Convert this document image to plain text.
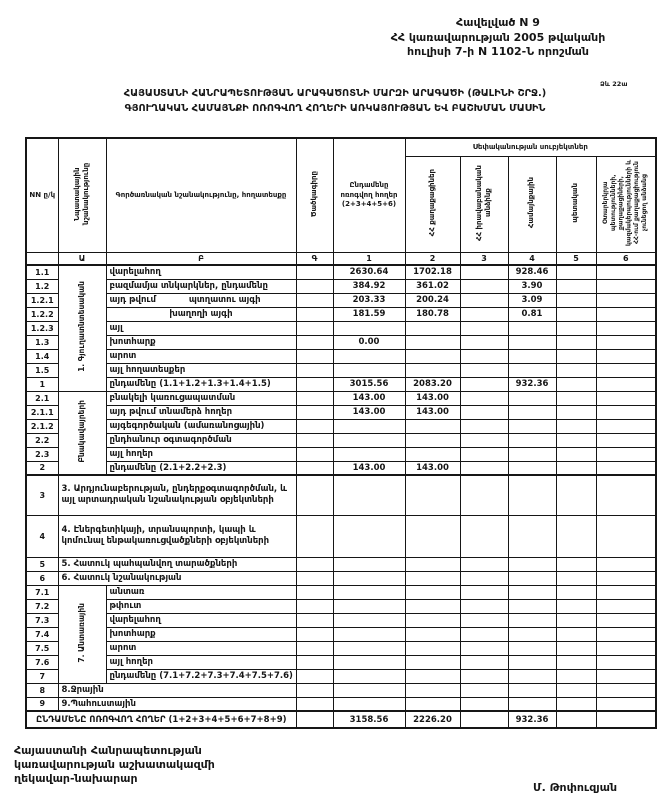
Հավելված N 9
ՀՀ կառավարության 2005 թվականի
հուլիսի 7-ի N 1102-Ն որոշման
Ձև 22ա
ՀԱՅԱՍՏԱՆԻ ՀԱՆՐԱՊԵՏՈՒԹՅԱՆ ԱՐԱԳԱԾՈՏՆԻ ՄԱՐԶԻ ԱՐԱԳԱԾԻ (ԹԱԼԻՆԻ ՇՐՋ.)
ԳՅՈՒՂԱԿԱՆ ՀԱՄԱՅՆՔԻ ՈՌՈԳՎՈՂ ՀՈՂԵՐԻ ԱՌԿԱՅՈՒԹՅԱՆ ԵՎ ԲԱՇԽՄԱՆ ՄԱՍԻՆ
NN ը/կ	Նպատակային նշանակությունը	Գործառնական նշանակությունը, հողատեսքը	Ծածկագիրը	Ընդամենը ոռոգվող հողեր (2+3+4+5+6)	Սեփականության սուբյեկտներ				
					ՀՀ քաղաքացիներ	ՀՀ իրավաբանական անձինք	Համայնքային	պետական	Օտարերկրյա պետությունների, քաղաքացիների, կազմակերպությունների և ՀՀ-ում քաղաքացիություն չունեցող անձանց
	Ա	Բ	Գ	1	2	3	4	5	6
1.1	1. Գյուղատնտեսական	վարելահող		2630.64	1702.18		928.46		
1.2		բազմամյա տնկարկներ, ընդամենը		384.92	361.02		3.90		
1.2.1		այդ թվում պտղատու այգի		203.33	200.24		3.09		
1.2.2		խաղողի այգի		181.59	180.78		0.81		
1.2.3		այլ							
1.3		խոտհարք		0.00					
1.4		արոտ							
1.5		այլ հողատեսքեր							
1		ընդամենը (1.1+1.2+1.3+1.4+1.5)		3015.56	2083.20		932.36		
2.1	Բնակավայրերի	բնակելի կառուցապատման		143.00	143.00				
2.1.1		այդ թվում տնամերձ հողեր		143.00	143.00				
2.1.2		այգեգործական (ամառանոցային)							
2.2		ընդհանուր օգտագործման							
2.3		այլ հողեր							
2		ընդամենը (2.1+2.2+2.3)		143.00	143.00				
3	3. Արդյունաբերության, ընդերքօգտագործման, և այլ արտադրական նշանակության օբյեկտների								
4	4. Էներգետիկայի, տրանսպորտի, կապի և կոմունալ ենթակառուցվածքների օբյեկտների								
5	5. Հատուկ պահպանվող տարածքների								
6	6. Հատուկ նշանակության								
7.1	7. Անտառային	անտառ							
7.2		թփուտ							
7.3		վարելահող							
7.4		խոտհարք							
7.5		արոտ							
7.6		այլ հողեր							
7		ընդամենը (7.1+7.2+7.3+7.4+7.5+7.6)							
8	8.Ջրային								
9	9.Պահուստային								
ԸՆԴԱՄԵՆԸ ՈՌՈԳՎՈՂ ՀՈՂԵՐ (1+2+3+4+5+6+7+8+9)				3158.56	2226.20		932.36		
Հայաստանի Հանրապետության
կառավարության աշխատակազմի
ղեկավար-նախարար
Մ. Թոփուզյան
